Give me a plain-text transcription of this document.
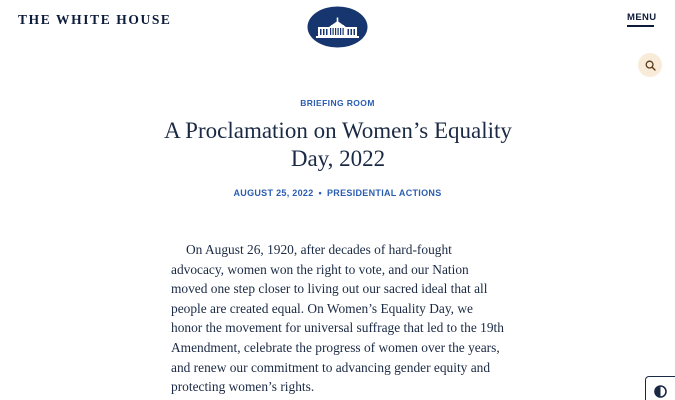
THE WHITE HOUSE	MENU
BRIEFING ROOM
A Proclamation on Women’s Equality Day, 2022
AUGUST 25, 2022 • PRESIDENTIAL ACTIONS

On August 26, 1920, after decades of hard-fought advocacy, women won the right to vote, and our Nation moved one step closer to living out our sacred ideal that all people are created equal. On Women’s Equality Day, we honor the movement for universal suffrage that led to the 19th Amendment, celebrate the progress of women over the years, and renew our commitment to advancing gender equity and protecting women’s rights.
